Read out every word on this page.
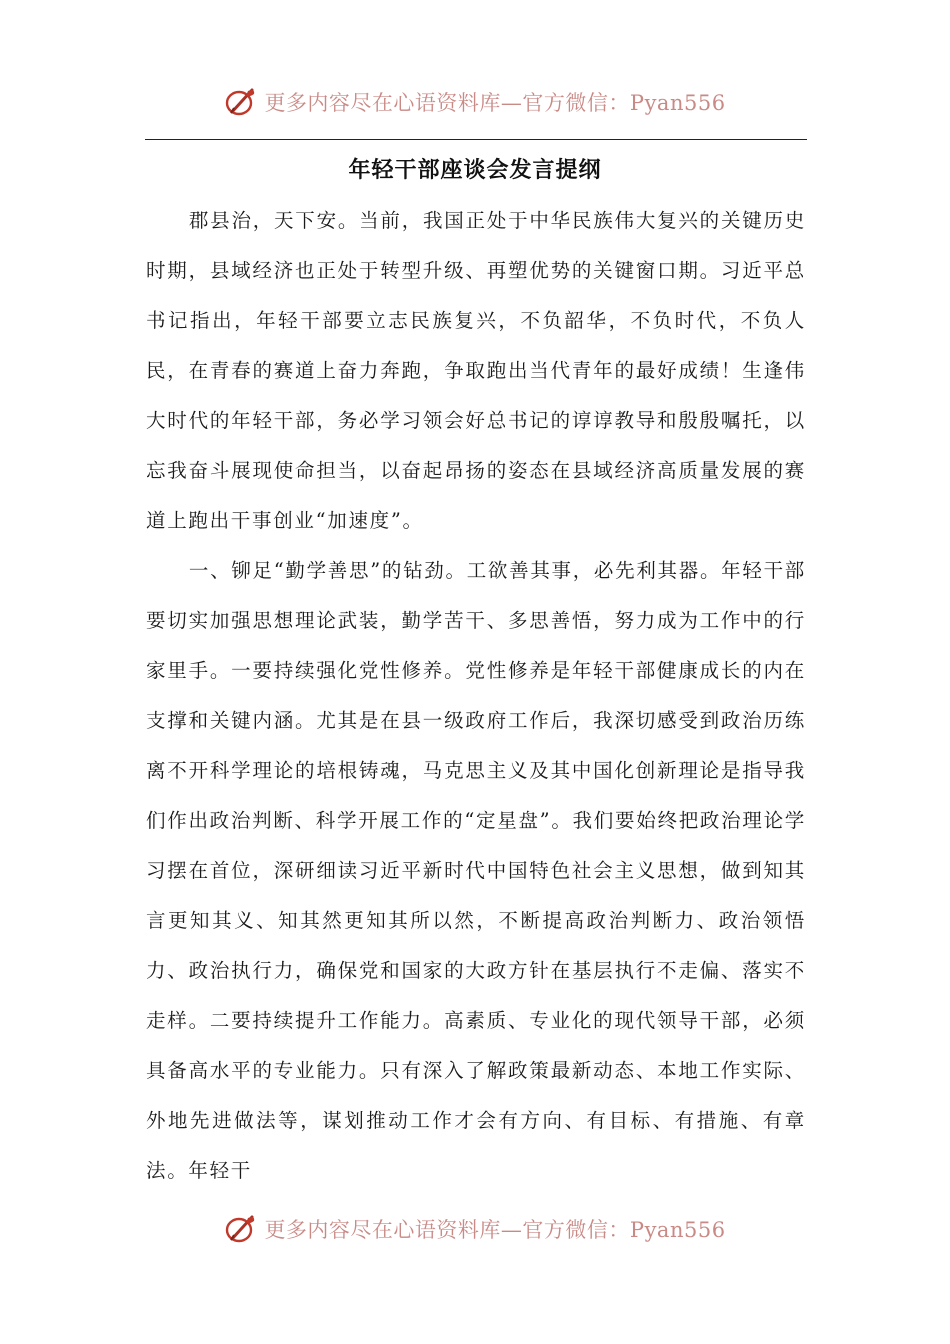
更多内容尽在心语资料库—官方微信：Pyan556
年轻干部座谈会发言提纲

郡县治，天下安。当前，我国正处于中华民族伟大复兴的关键历史时期，县域经济也正处于转型升级、再塑优势的关键窗口期。习近平总书记指出，年轻干部要立志民族复兴，不负韶华，不负时代，不负人民，在青春的赛道上奋力奔跑，争取跑出当代青年的最好成绩！生逢伟大时代的年轻干部，务必学习领会好总书记的谆谆教导和殷殷嘱托，以忘我奋斗展现使命担当，以奋起昂扬的姿态在县域经济高质量发展的赛道上跑出干事创业“加速度”。

一、铆足“勤学善思”的钻劲。工欲善其事，必先利其器。年轻干部要切实加强思想理论武装，勤学苦干、多思善悟，努力成为工作中的行家里手。一要持续强化党性修养。党性修养是年轻干部健康成长的内在支撑和关键内涵。尤其是在县一级政府工作后，我深切感受到政治历练离不开科学理论的培根铸魂，马克思主义及其中国化创新理论是指导我们作出政治判断、科学开展工作的“定星盘”。我们要始终把政治理论学习摆在首位，深研细读习近平新时代中国特色社会主义思想，做到知其言更知其义、知其然更知其所以然，不断提高政治判断力、政治领悟力、政治执行力，确保党和国家的大政方针在基层执行不走偏、落实不走样。二要持续提升工作能力。高素质、专业化的现代领导干部，必须具备高水平的专业能力。只有深入了解政策最新动态、本地工作实际、外地先进做法等，谋划推动工作才会有方向、有目标、有措施、有章法。年轻干

更多内容尽在心语资料库—官方微信：Pyan556
